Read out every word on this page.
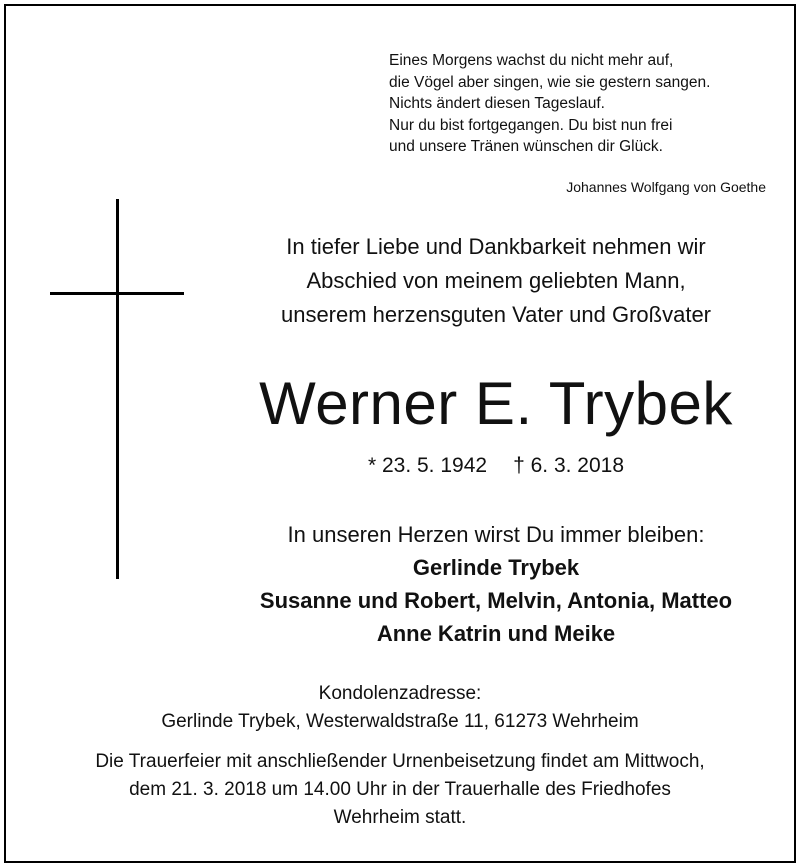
Eines Morgens wachst du nicht mehr auf,
die Vögel aber singen, wie sie gestern sangen.
Nichts ändert diesen Tageslauf.
Nur du bist fortgegangen. Du bist nun frei
und unsere Tränen wünschen dir Glück.
Johannes Wolfgang von Goethe
In tiefer Liebe und Dankbarkeit nehmen wir
Abschied von meinem geliebten Mann,
unserem herzensguten Vater und Großvater
Werner E. Trybek
* 23. 5. 1942 † 6. 3. 2018
In unseren Herzen wirst Du immer bleiben:
Gerlinde Trybek
Susanne und Robert, Melvin, Antonia, Matteo
Anne Katrin und Meike
Kondolenzadresse:
Gerlinde Trybek, Westerwaldstraße 11, 61273 Wehrheim
Die Trauerfeier mit anschließender Urnenbeisetzung findet am Mittwoch,
dem 21. 3. 2018 um 14.00 Uhr in der Trauerhalle des Friedhofes
Wehrheim statt.
